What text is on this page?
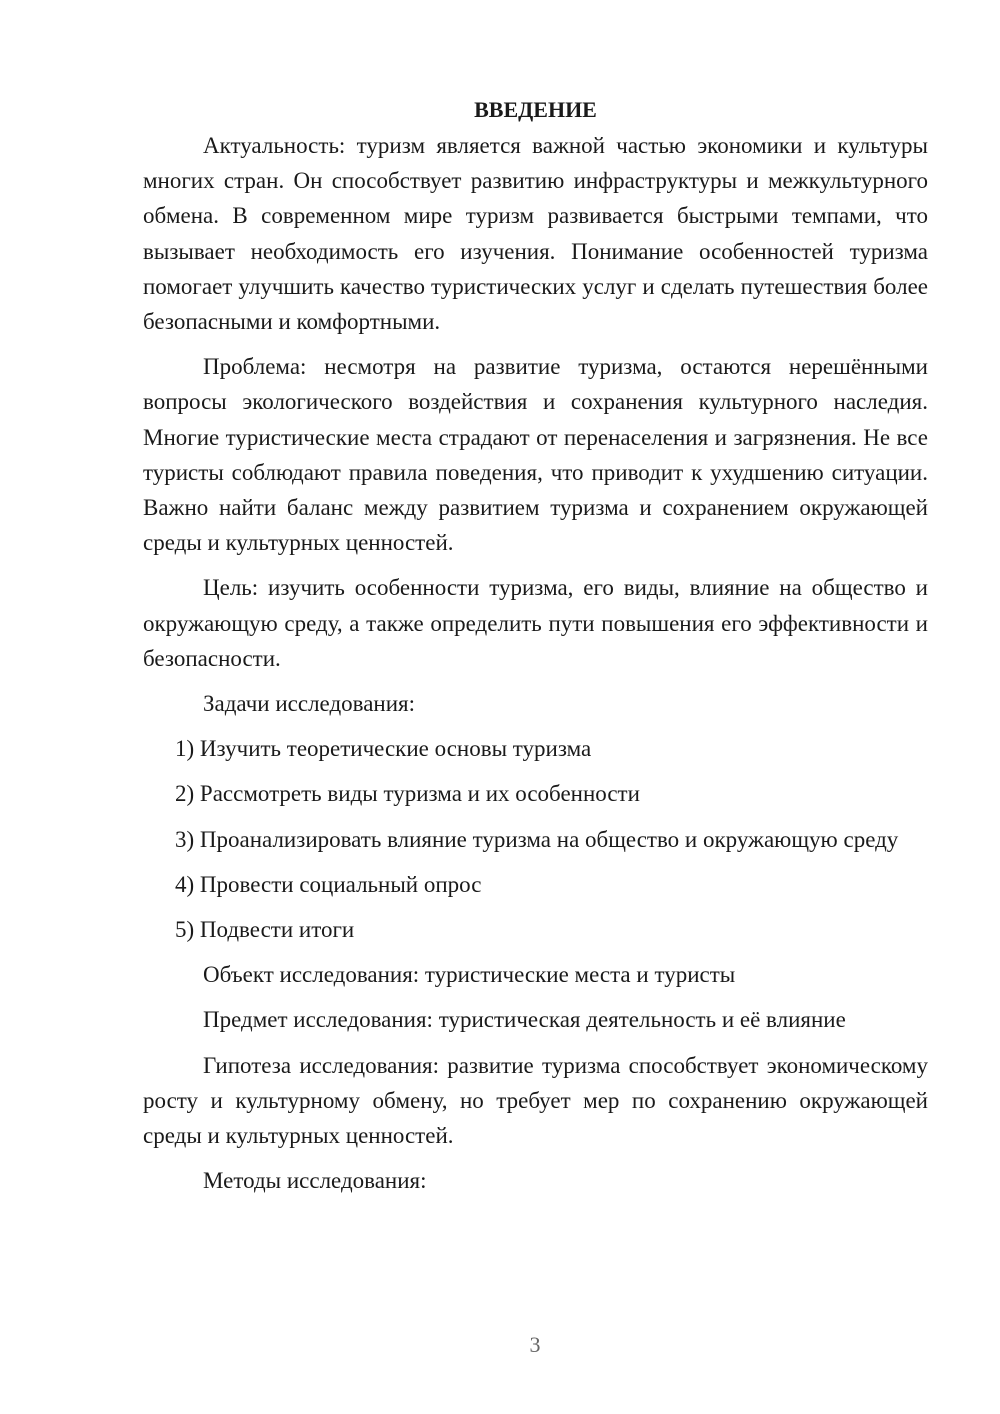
ВВЕДЕНИЕ

Актуальность: туризм является важной частью экономики и культуры многих стран. Он способствует развитию инфраструктуры и межкультурного обмена. В современном мире туризм развивается быстрыми темпами, что вызывает необходимость его изучения. Понимание особенностей туризма помогает улучшить качество туристических услуг и сделать путешествия более безопасными и комфортными.

Проблема: несмотря на развитие туризма, остаются нерешёнными вопросы экологического воздействия и сохранения культурного наследия. Многие туристические места страдают от перенаселения и загрязнения. Не все туристы соблюдают правила поведения, что приводит к ухудшению ситуации. Важно найти баланс между развитием туризма и сохранением окружающей среды и культурных ценностей.

Цель: изучить особенности туризма, его виды, влияние на общество и окружающую среду, а также определить пути повышения его эффективности и безопасности.

Задачи исследования:

1) Изучить теоретические основы туризма

2) Рассмотреть виды туризма и их особенности

3) Проанализировать влияние туризма на общество и окружающую среду

4) Провести социальный опрос

5) Подвести итоги

Объект исследования: туристические места и туристы

Предмет исследования: туристическая деятельность и её влияние

Гипотеза исследования: развитие туризма способствует экономическому росту и культурному обмену, но требует мер по сохранению окружающей среды и культурных ценностей.

Методы исследования:

3
